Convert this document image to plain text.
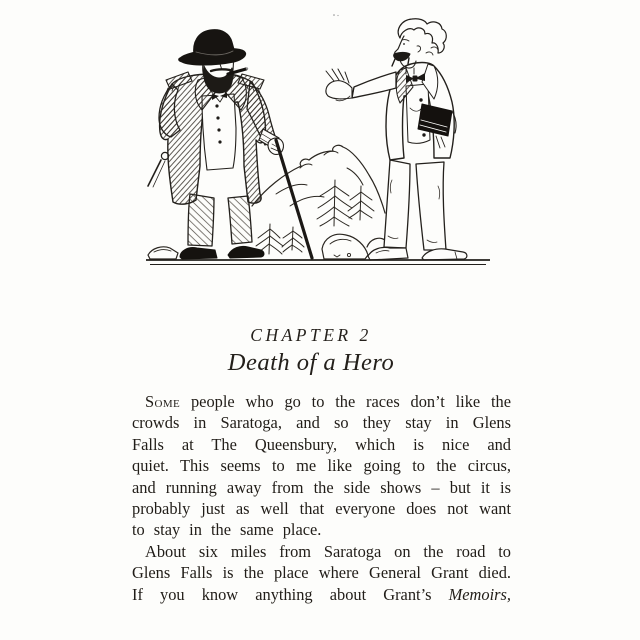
CHAPTER 2
Death of a Hero
Some people who go to the races don’t like the
crowds in Saratoga, and so they stay in Glens
Falls at The Queensbury, which is nice and
quiet. This seems to me like going to the circus,
and running away from the side shows – but it is
probably just as well that everyone does not want
to stay in the same place.
About six miles from Saratoga on the road to
Glens Falls is the place where General Grant died.
If you know anything about Grant’s Memoirs,
